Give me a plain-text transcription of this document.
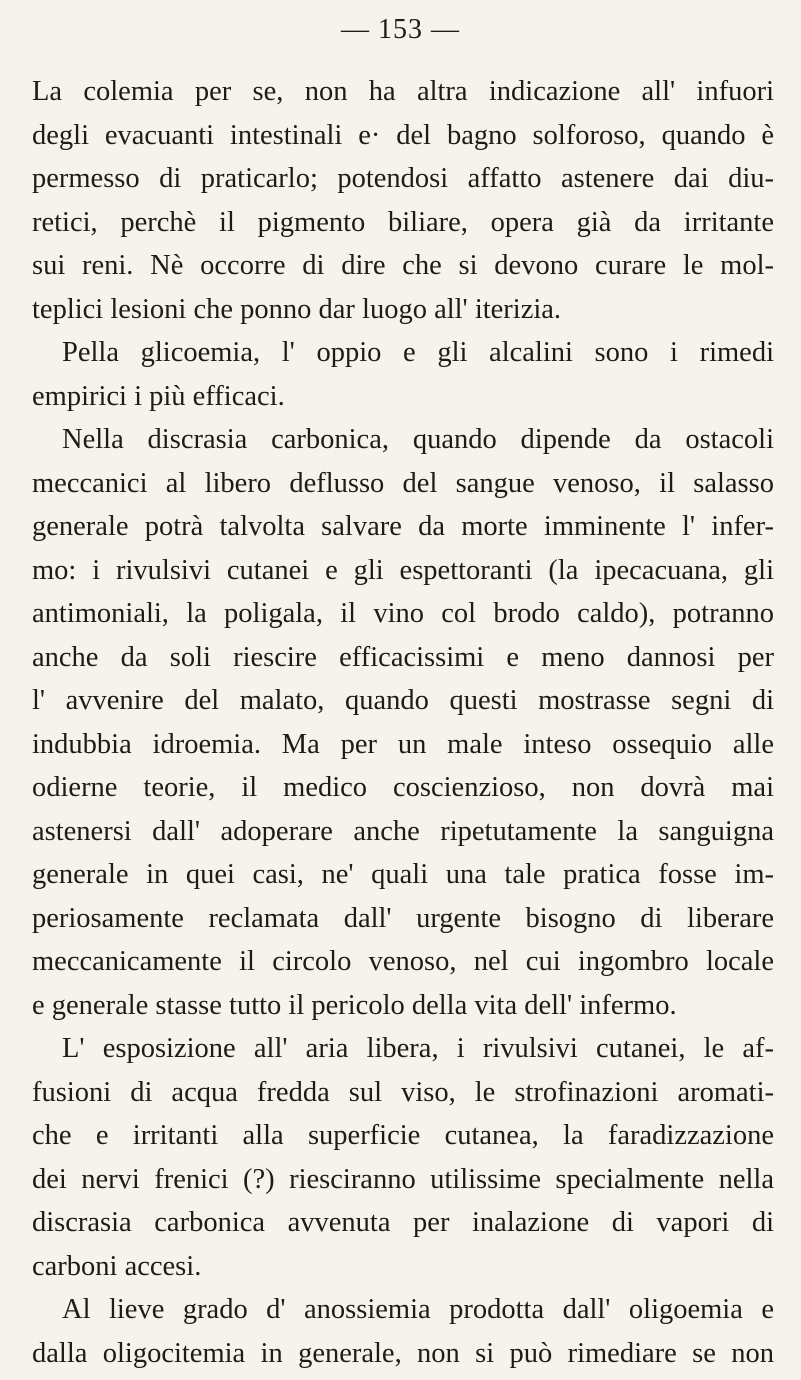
— 153 —
La colemia per se, non ha altra indicazione all' infuori
degli evacuanti intestinali e· del bagno solforoso, quando è
permesso di praticarlo; potendosi affatto astenere dai diu-
retici, perchè il pigmento biliare, opera già da irritante
sui reni. Nè occorre di dire che si devono curare le mol-
teplici lesioni che ponno dar luogo all' iterizia.
Pella glicoemia, l' oppio e gli alcalini sono i rimedi
empirici i più efficaci.
Nella discrasia carbonica, quando dipende da ostacoli
meccanici al libero deflusso del sangue venoso, il salasso
generale potrà talvolta salvare da morte imminente l' infer-
mo: i rivulsivi cutanei e gli espettoranti (la ipecacuana, gli
antimoniali, la poligala, il vino col brodo caldo), potranno
anche da soli riescire efficacissimi e meno dannosi per
l' avvenire del malato, quando questi mostrasse segni di
indubbia idroemia. Ma per un male inteso ossequio alle
odierne teorie, il medico coscienzioso, non dovrà mai
astenersi dall' adoperare anche ripetutamente la sanguigna
generale in quei casi, ne' quali una tale pratica fosse im-
periosamente reclamata dall' urgente bisogno di liberare
meccanicamente il circolo venoso, nel cui ingombro locale
e generale stasse tutto il pericolo della vita dell' infermo.
L' esposizione all' aria libera, i rivulsivi cutanei, le af-
fusioni di acqua fredda sul viso, le strofinazioni aromati-
che e irritanti alla superficie cutanea, la faradizzazione
dei nervi frenici (?) riesciranno utilissime specialmente nella
discrasia carbonica avvenuta per inalazione di vapori di
carboni accesi.
Al lieve grado d' anossiemia prodotta dall' oligoemia e
dalla oligocitemia in generale, non si può rimediare se non
